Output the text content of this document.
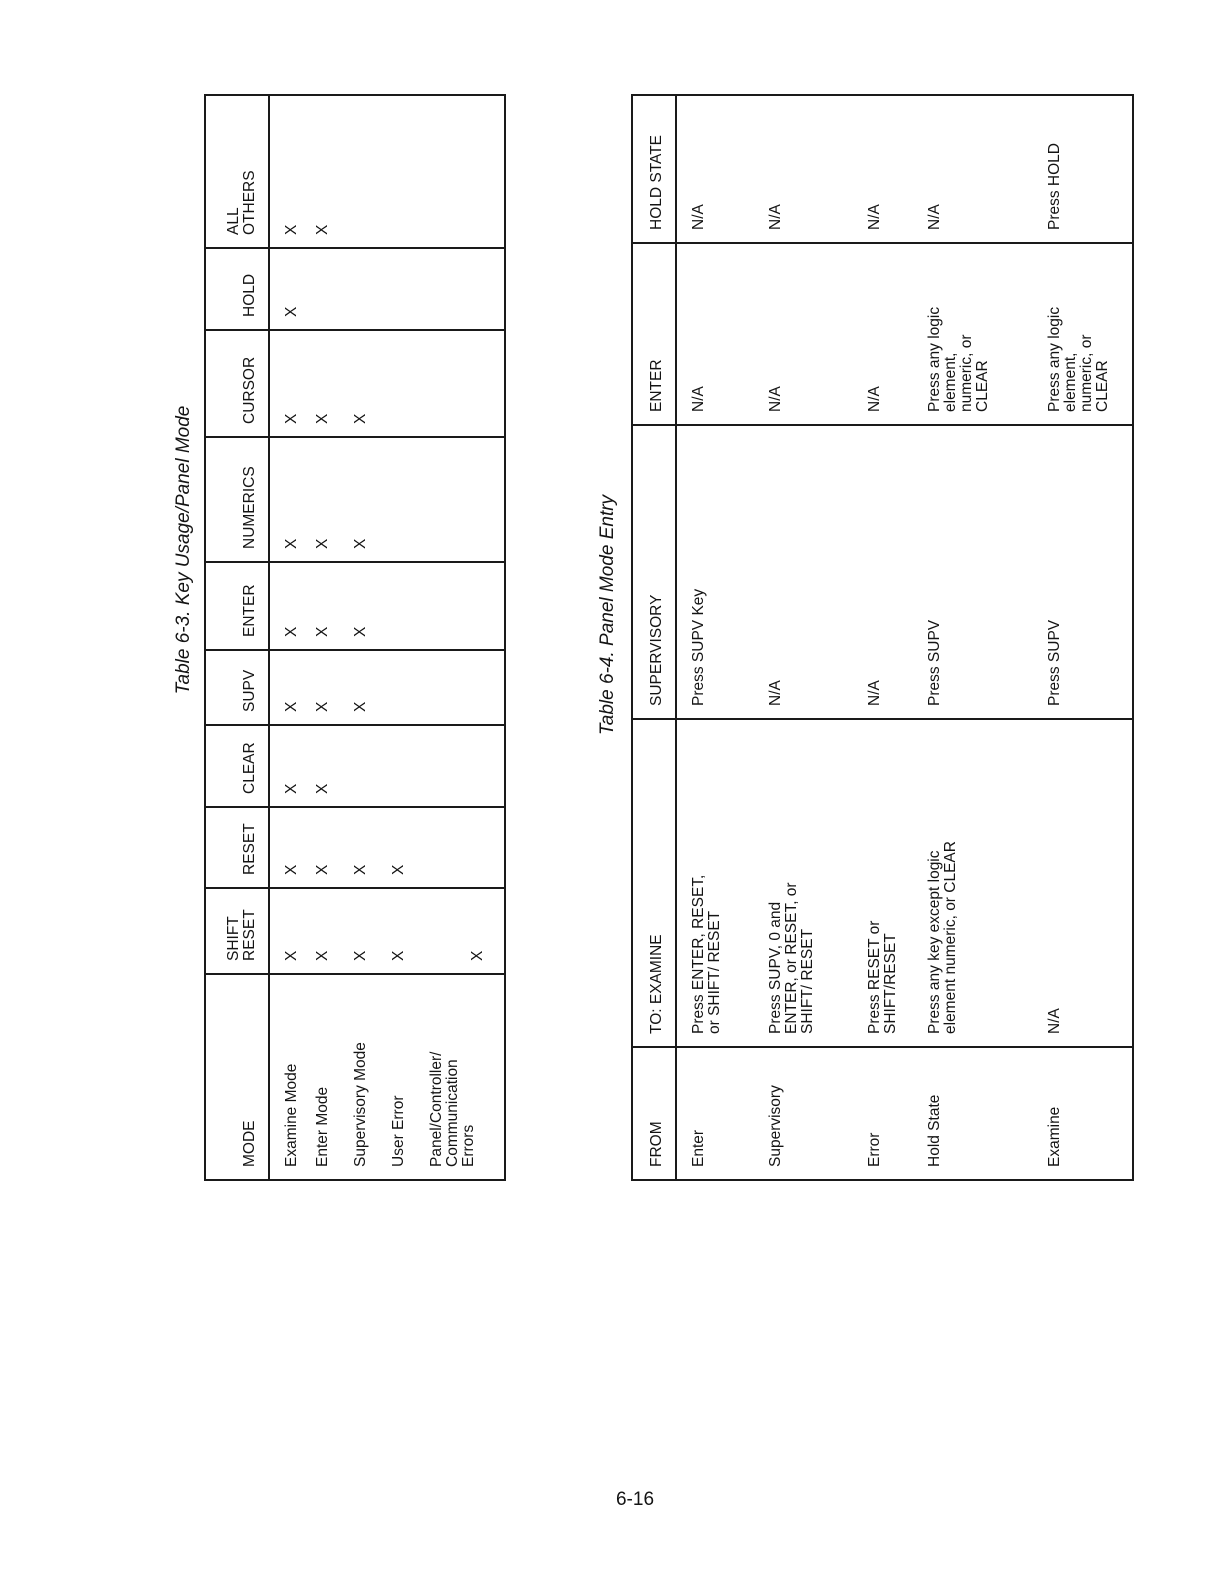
Table 6-3. Key Usage/Panel Mode
MODE	SHIFT
RESET	RESET	CLEAR	SUPV	ENTER	NUMERICS	CURSOR	HOLD	ALL
OTHERS
Examine Mode	X	X	X	X	X	X	X	X	X
Enter Mode	X	X	X	X	X	X	X		X
Supervisory Mode	X	X		X	X	X	X		
User Error	X	X							
Panel/Controller/ Communication Errors	X								
Table 6-4. Panel Mode Entry
FROM	TO: EXAMINE	SUPERVISORY	ENTER	HOLD STATE
Enter	Press ENTER, RESET, or SHIFT/ RESET	Press SUPV Key	N/A	N/A
Supervisory	Press SUPV, 0 and ENTER, or RESET, or SHIFT/ RESET	N/A	N/A	N/A
Error	Press RESET or SHIFT/RESET	N/A	N/A	N/A
Hold State	Press any key except logic element numeric, or CLEAR	Press SUPV	Press any logic element, numeric, or CLEAR	N/A
Examine	N/A	Press SUPV	Press any logic element, numeric, or CLEAR	Press HOLD
6-16
